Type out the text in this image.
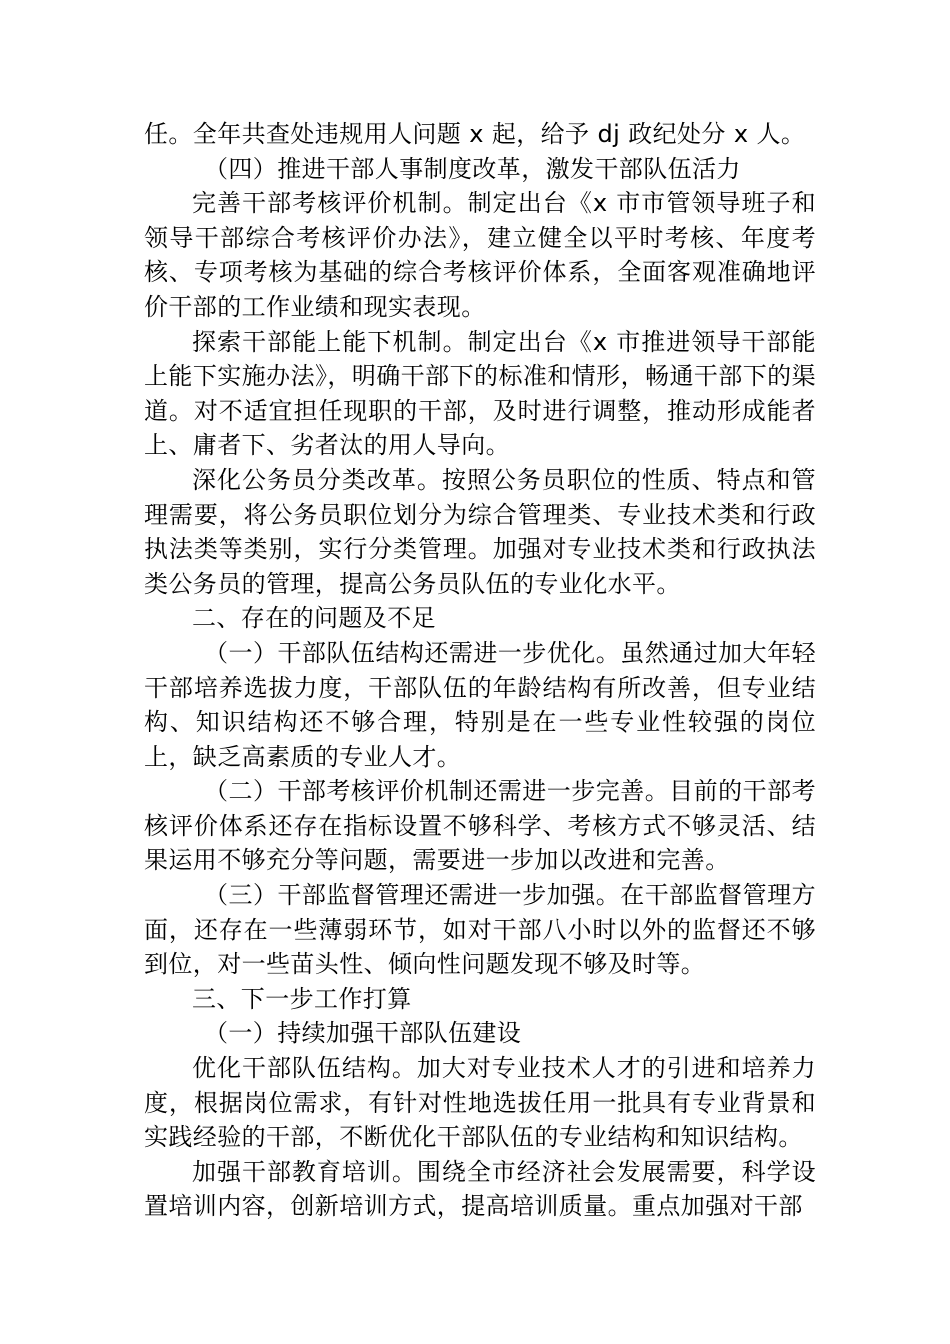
任。全年共查处违规用人问题 x 起，给予 dj 政纪处分 x 人。

（四）推进干部人事制度改革，激发干部队伍活力

完善干部考核评价机制。制定出台《x 市市管领导班子和领导干部综合考核评价办法》，建立健全以平时考核、年度考核、专项考核为基础的综合考核评价体系，全面客观准确地评价干部的工作业绩和现实表现。

探索干部能上能下机制。制定出台《x 市推进领导干部能上能下实施办法》，明确干部下的标准和情形，畅通干部下的渠道。对不适宜担任现职的干部，及时进行调整，推动形成能者上、庸者下、劣者汰的用人导向。

深化公务员分类改革。按照公务员职位的性质、特点和管理需要，将公务员职位划分为综合管理类、专业技术类和行政执法类等类别，实行分类管理。加强对专业技术类和行政执法类公务员的管理，提高公务员队伍的专业化水平。

二、存在的问题及不足

（一）干部队伍结构还需进一步优化。虽然通过加大年轻干部培养选拔力度，干部队伍的年龄结构有所改善，但专业结构、知识结构还不够合理，特别是在一些专业性较强的岗位上，缺乏高素质的专业人才。

（二）干部考核评价机制还需进一步完善。目前的干部考核评价体系还存在指标设置不够科学、考核方式不够灵活、结果运用不够充分等问题，需要进一步加以改进和完善。

（三）干部监督管理还需进一步加强。在干部监督管理方面，还存在一些薄弱环节，如对干部八小时以外的监督还不够到位，对一些苗头性、倾向性问题发现不够及时等。

三、下一步工作打算

（一）持续加强干部队伍建设

优化干部队伍结构。加大对专业技术人才的引进和培养力度，根据岗位需求，有针对性地选拔任用一批具有专业背景和实践经验的干部，不断优化干部队伍的专业结构和知识结构。

加强干部教育培训。围绕全市经济社会发展需要，科学设置培训内容，创新培训方式，提高培训质量。重点加强对干部
